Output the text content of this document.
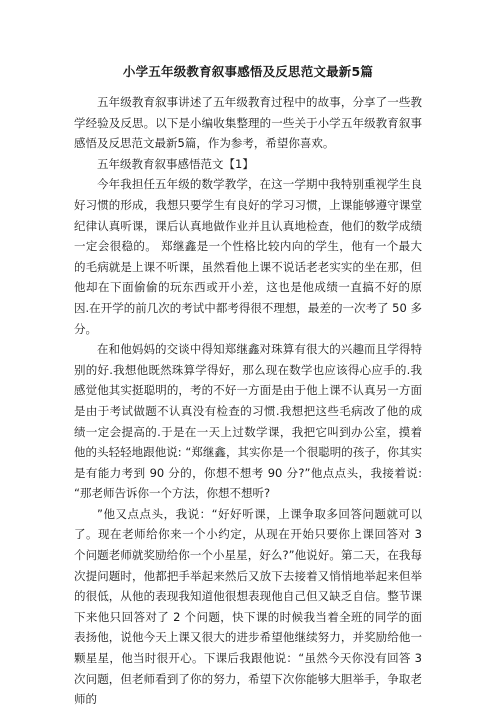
小学五年级教育叙事感悟及反思范文最新5篇

五年级教育叙事讲述了五年级教育过程中的故事，分享了一些教学经验及反思。以下是小编收集整理的一些关于小学五年级教育叙事感悟及反思范文最新5篇，作为参考，希望你喜欢。

五年级教育叙事感悟范文【1】

今年我担任五年级的数学教学，在这一学期中我特别重视学生良好习惯的形成，我想只要学生有良好的学习习惯，上课能够遵守课堂纪律认真听课，课后认真地做作业并且认真地检查，他们的数学成绩一定会很稳的。 郑继鑫是一个性格比较内向的学生，他有一个最大的毛病就是上课不听课，虽然看他上课不说话老老实实的坐在那，但他却在下面偷偷的玩东西或开小差，这也是他成绩一直搞不好的原因.在开学的前几次的考试中都考得很不理想，最差的一次考了 50 多分。

在和他妈妈的交谈中得知郑继鑫对珠算有很大的兴趣而且学得特别的好.我想他既然珠算学得好，那么现在数学也应该得心应手的.我感觉他其实挺聪明的，考的不好一方面是由于他上课不认真另一方面是由于考试做题不认真没有检查的习惯.我想把这些毛病改了他的成绩一定会提高的.于是在一天上过数学课，我把它叫到办公室，摸着他的头轻轻地跟他说: “郑继鑫，其实你是一个很聪明的孩子，你其实是有能力考到 90 分的，你想不想考 90 分?”他点点头，我接着说: “那老师告诉你一个方法，你想不想听?

”他又点点头，我说：“好好听课，上课争取多回答问题就可以了。现在老师给你来一个小约定，从现在开始只要你上课回答对 3 个问题老师就奖励给你一个小星星，好么?”他说好。第二天，在我每次提问题时，他都把手举起来然后又放下去接着又悄悄地举起来但举的很低，从他的表现我知道他很想表现他自己但又缺乏自信。整节课下来他只回答对了 2 个问题，快下课的时候我当着全班的同学的面表扬他，说他今天上课又很大的进步希望他继续努力，并奖励给他一颗星星，他当时很开心。下课后我跟他说：“虽然今天你没有回答 3 次问题，但老师看到了你的努力，希望下次你能够大胆举手，争取老师的
